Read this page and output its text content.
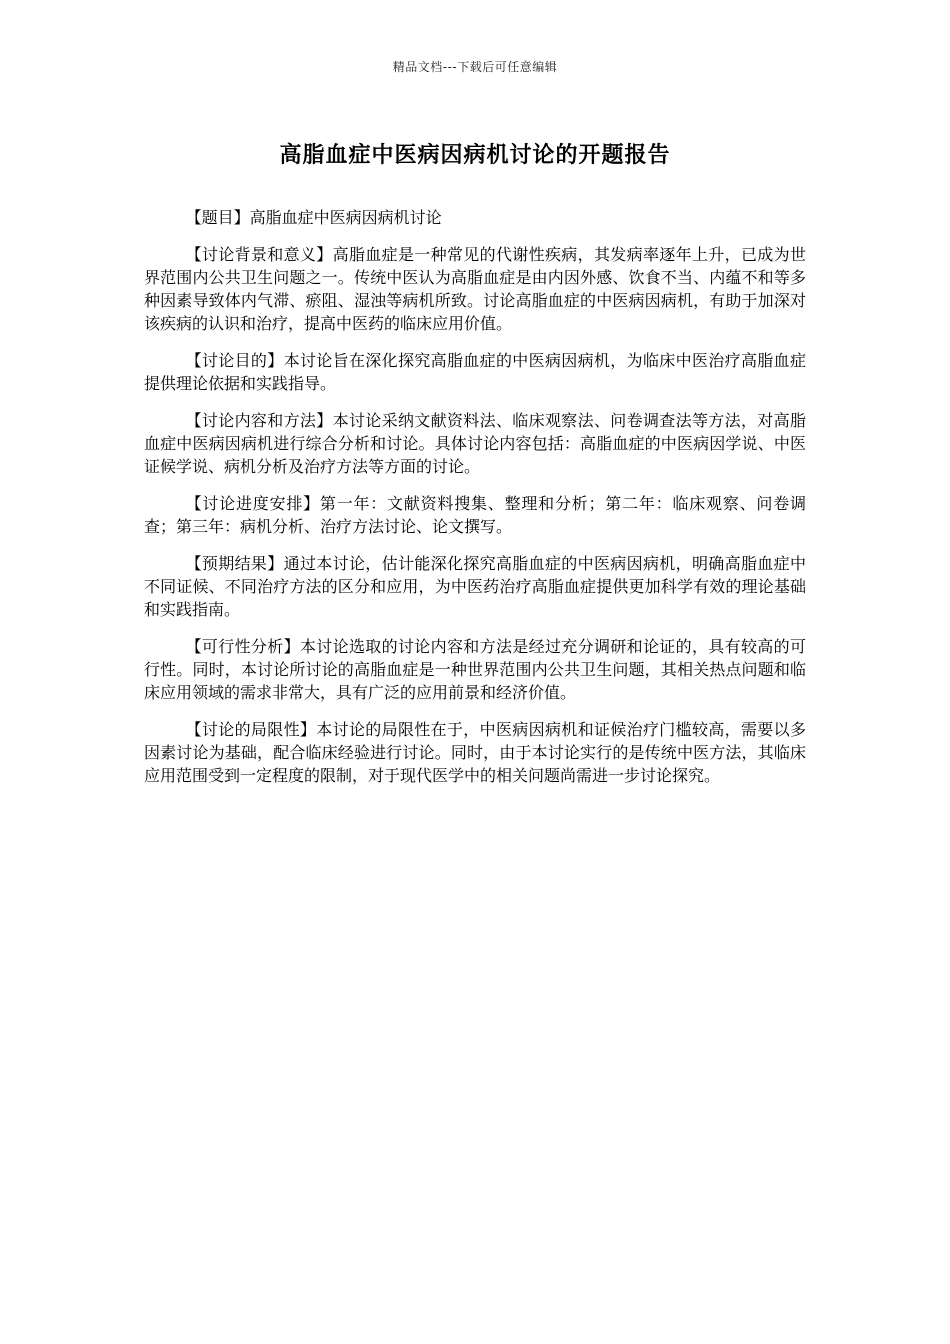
精品文档---下载后可任意编辑
高脂血症中医病因病机讨论的开题报告

【题目】高脂血症中医病因病机讨论

【讨论背景和意义】高脂血症是一种常见的代谢性疾病，其发病率逐年上升，已成为世界范围内公共卫生问题之一。传统中医认为高脂血症是由内因外感、饮食不当、内蕴不和等多种因素导致体内气滞、瘀阻、湿浊等病机所致。讨论高脂血症的中医病因病机，有助于加深对该疾病的认识和治疗，提高中医药的临床应用价值。

【讨论目的】本讨论旨在深化探究高脂血症的中医病因病机，为临床中医治疗高脂血症提供理论依据和实践指导。

【讨论内容和方法】本讨论采纳文献资料法、临床观察法、问卷调查法等方法，对高脂血症中医病因病机进行综合分析和讨论。具体讨论内容包括：高脂血症的中医病因学说、中医证候学说、病机分析及治疗方法等方面的讨论。

【讨论进度安排】第一年：文献资料搜集、整理和分析；第二年：临床观察、问卷调查；第三年：病机分析、治疗方法讨论、论文撰写。

【预期结果】通过本讨论，估计能深化探究高脂血症的中医病因病机，明确高脂血症中不同证候、不同治疗方法的区分和应用，为中医药治疗高脂血症提供更加科学有效的理论基础和实践指南。

【可行性分析】本讨论选取的讨论内容和方法是经过充分调研和论证的，具有较高的可行性。同时，本讨论所讨论的高脂血症是一种世界范围内公共卫生问题，其相关热点问题和临床应用领域的需求非常大，具有广泛的应用前景和经济价值。

【讨论的局限性】本讨论的局限性在于，中医病因病机和证候治疗门槛较高，需要以多因素讨论为基础，配合临床经验进行讨论。同时，由于本讨论实行的是传统中医方法，其临床应用范围受到一定程度的限制，对于现代医学中的相关问题尚需进一步讨论探究。
